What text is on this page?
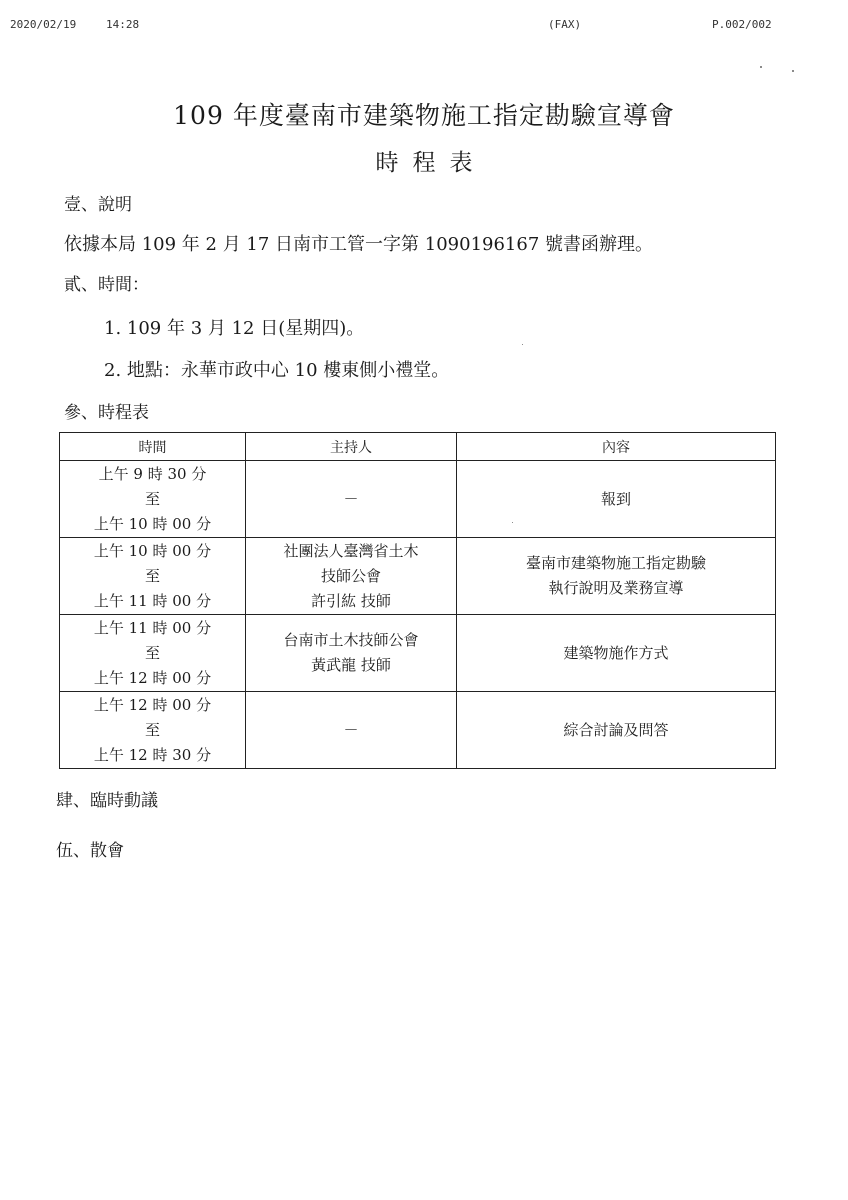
2020/02/19	14:28	(FAX)	P.002/002
109 年度臺南市建築物施工指定勘驗宣導會
時程表
壹、說明
依據本局 109 年 2 月 17 日南市工管一字第 1090196167 號書函辦理。
貳、時間：
1. 109 年 3 月 12 日(星期四)。
2. 地點：永華市政中心 10 樓東側小禮堂。
參、時程表
時間	主持人	內容

上午 9 時 30 分
至
上午 10 時 00 分	－	報到

上午 10 時 00 分
至
上午 11 時 00 分	社團法人臺灣省土木
技師公會
許引紘 技師	臺南市建築物施工指定勘驗
執行說明及業務宣導

上午 11 時 00 分
至
上午 12 時 00 分	台南市土木技師公會
黃武龍 技師	建築物施作方式

上午 12 時 00 分
至
上午 12 時 30 分	－	綜合討論及問答
肆、臨時動議
伍、散會
